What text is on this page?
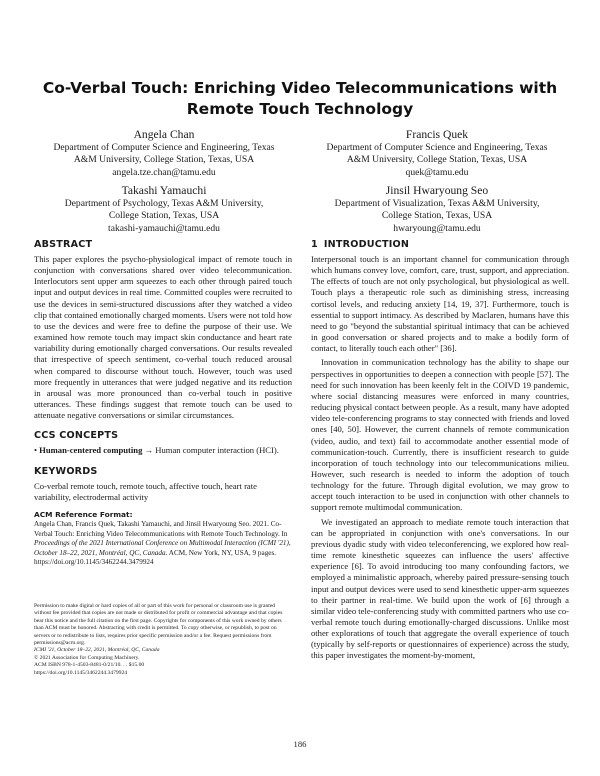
Co-Verbal Touch: Enriching Video Telecommunications with
Remote Touch Technology
Angela Chan
Department of Computer Science and Engineering, Texas
A&M University, College Station, Texas, USA
angela.tze.chan@tamu.edu
Francis Quek
Department of Computer Science and Engineering, Texas
A&M University, College Station, Texas, USA
quek@tamu.edu
Takashi Yamauchi
Department of Psychology, Texas A&M University,
College Station, Texas, USA
takashi-yamauchi@tamu.edu
Jinsil Hwaryoung Seo
Department of Visualization, Texas A&M University,
College Station, Texas, USA
hwaryoung@tamu.edu
ABSTRACT

This paper explores the psycho-physiological impact of remote touch in conjunction with conversations shared over video telecommunication. Interlocutors sent upper arm squeezes to each other through paired touch input and output devices in real time. Committed couples were recruited to use the devices in semi-structured discussions after they watched a video clip that contained emotionally charged moments. Users were not told how to use the devices and were free to define the purpose of their use. We examined how remote touch may impact skin conductance and heart rate variability during emotionally charged conversations. Our results revealed that irrespective of speech sentiment, co-verbal touch reduced arousal when compared to discourse without touch. However, touch was used more frequently in utterances that were judged negative and its reduction in arousal was more pronounced than co-verbal touch in positive utterances. These findings suggest that remote touch can be used to attenuate negative conversations or similar circumstances.

CCS CONCEPTS

• Human-centered computing → Human computer interaction (HCI).

KEYWORDS

Co-verbal remote touch, remote touch, affective touch, heart rate variability, electrodermal activity

ACM Reference Format:
Angela Chan, Francis Quek, Takashi Yamauchi, and Jinsil Hwaryoung Seo. 2021. Co-Verbal Touch: Enriching Video Telecommunications with Remote Touch Technology. In Proceedings of the 2021 International Conference on Multimodal Interaction (ICMI '21), October 18–22, 2021, Montréal, QC, Canada. ACM, New York, NY, USA, 9 pages. https://doi.org/10.1145/3462244.3479924
Permission to make digital or hard copies of all or part of this work for personal or classroom use is granted without fee provided that copies are not made or distributed for profit or commercial advantage and that copies bear this notice and the full citation on the first page. Copyrights for components of this work owned by others than ACM must be honored. Abstracting with credit is permitted. To copy otherwise, or republish, to post on servers or to redistribute to lists, requires prior specific permission and/or a fee. Request permissions from permissions@acm.org.
ICMI '21, October 18–22, 2021, Montréal, QC, Canada
© 2021 Association for Computing Machinery.
ACM ISBN 978-1-4503-8481-0/21/10. . . $15.00
https://doi.org/10.1145/3462244.3479924
1 INTRODUCTION

Interpersonal touch is an important channel for communication through which humans convey love, comfort, care, trust, support, and appreciation. The effects of touch are not only psychological, but physiological as well. Touch plays a therapeutic role such as diminishing stress, increasing cortisol levels, and reducing anxiety [14, 19, 37]. Furthermore, touch is essential to support intimacy. As described by Maclaren, humans have this need to go "beyond the substantial spiritual intimacy that can be achieved in good conversation or shared projects and to make a bodily form of contact, to literally touch each other" [36].

Innovation in communication technology has the ability to shape our perspectives in opportunities to deepen a connection with people [57]. The need for such innovation has been keenly felt in the COIVD 19 pandemic, where social distancing measures were enforced in many countries, reducing physical contact between people. As a result, many have adopted video tele-conferencing programs to stay connected with friends and loved ones [40, 50]. However, the current channels of remote communication (video, audio, and text) fail to accommodate another essential mode of communication-touch. Currently, there is insufficient research to guide incorporation of touch technology into our telecommunications milieu. However, such research is needed to inform the adoption of touch technology for the future. Through digital evolution, we may grow to accept touch interaction to be used in conjunction with other channels to support remote multimodal communication.

We investigated an approach to mediate remote touch interaction that can be appropriated in conjunction with one's conversations. In our previous dyadic study with video teleconferencing, we explored how real-time remote kinesthetic squeezes can influence the users' affective experience [6]. To avoid introducing too many confounding factors, we employed a minimalistic approach, whereby paired pressure-sensing touch input and output devices were used to send kinesthetic upper-arm squeezes to their partner in real-time. We build upon the work of [6] through a similar video tele-conferencing study with committed partners who use co-verbal remote touch during emotionally-charged discussions. Unlike most other explorations of touch that aggregate the overall experience of touch (typically by self-reports or questionnaires of experience) across the study, this paper investigates the moment-by-moment,

186
